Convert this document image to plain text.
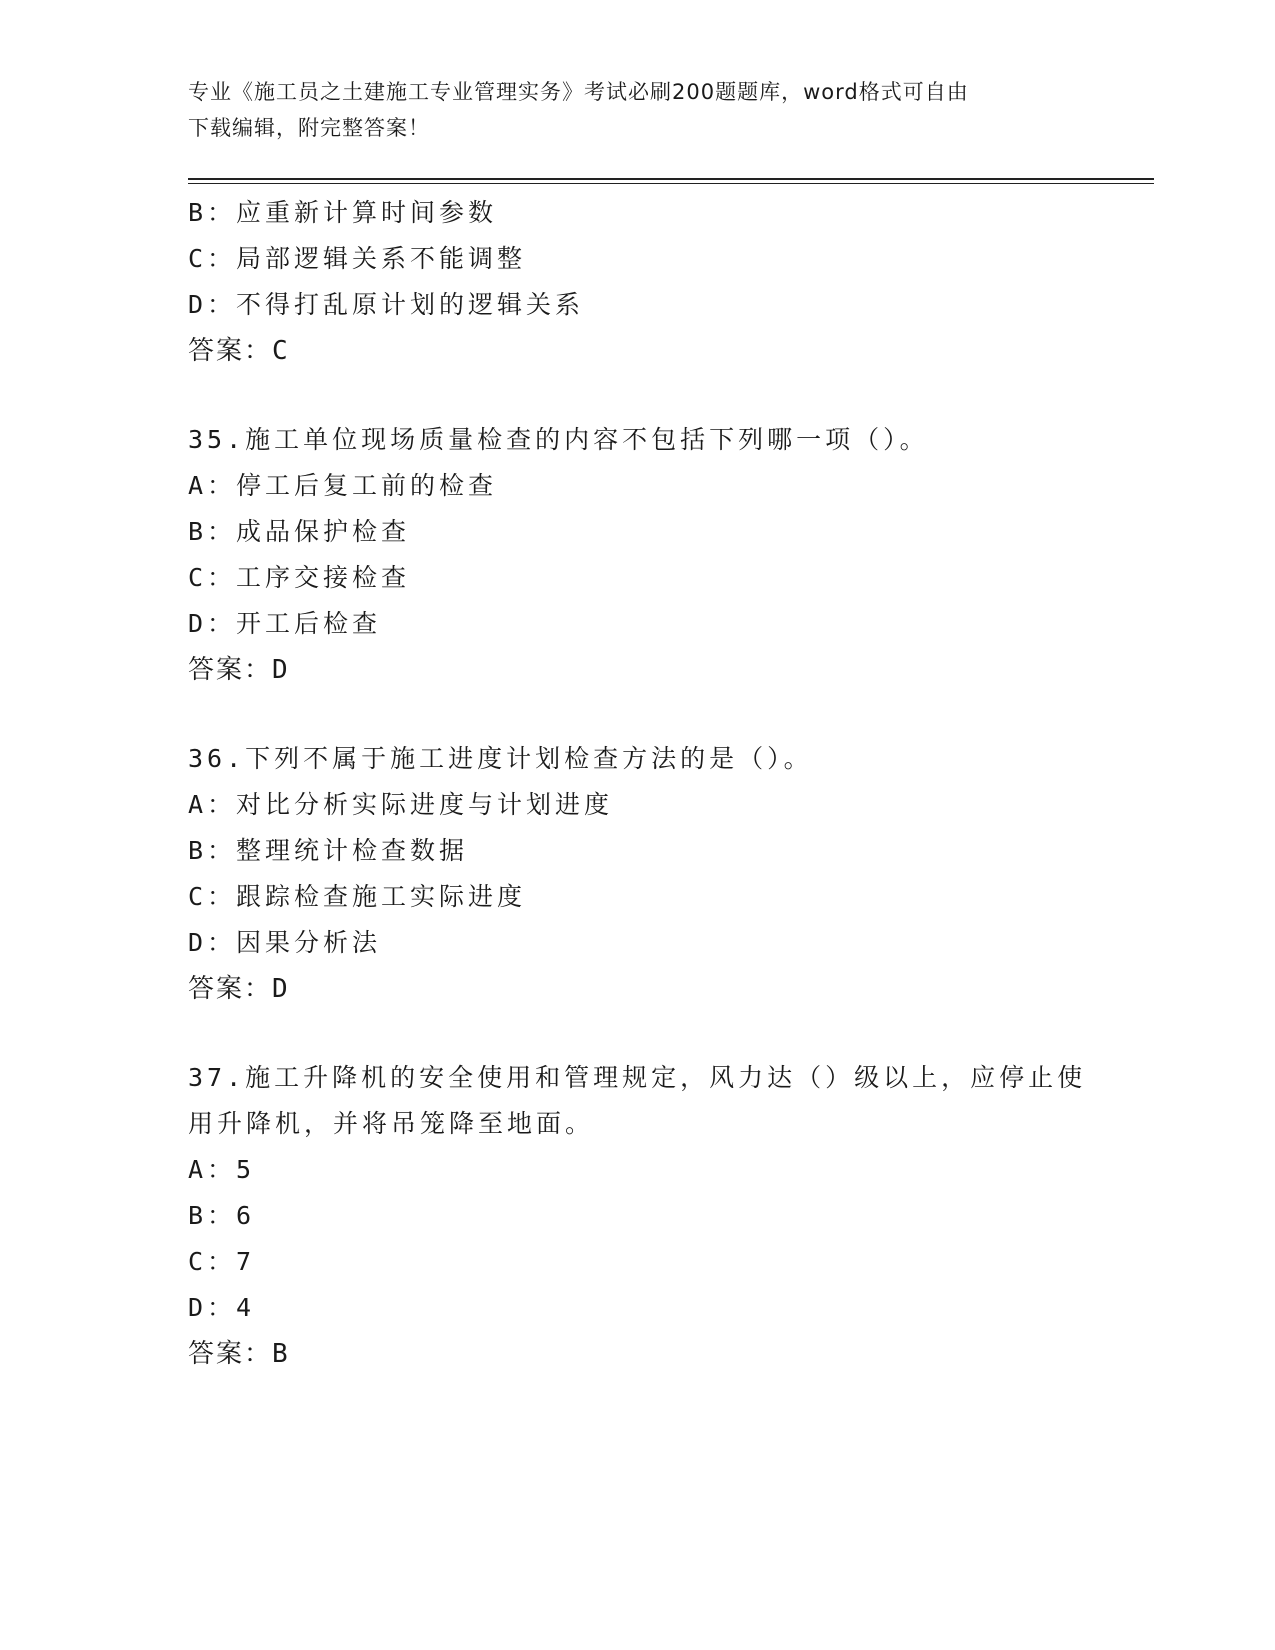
专业《施工员之土建施工专业管理实务》考试必刷200题题库，word格式可自由
下载编辑，附完整答案！
B：应重新计算时间参数
C：局部逻辑关系不能调整
D：不得打乱原计划的逻辑关系
答案：C
35.施工单位现场质量检查的内容不包括下列哪一项（）。
A：停工后复工前的检查
B：成品保护检查
C：工序交接检查
D：开工后检查
答案：D
36.下列不属于施工进度计划检查方法的是（）。
A：对比分析实际进度与计划进度
B：整理统计检查数据
C：跟踪检查施工实际进度
D：因果分析法
答案：D
37.施工升降机的安全使用和管理规定，风力达（）级以上，应停止使
用升降机，并将吊笼降至地面。
A：5
B：6
C：7
D：4
答案：B
